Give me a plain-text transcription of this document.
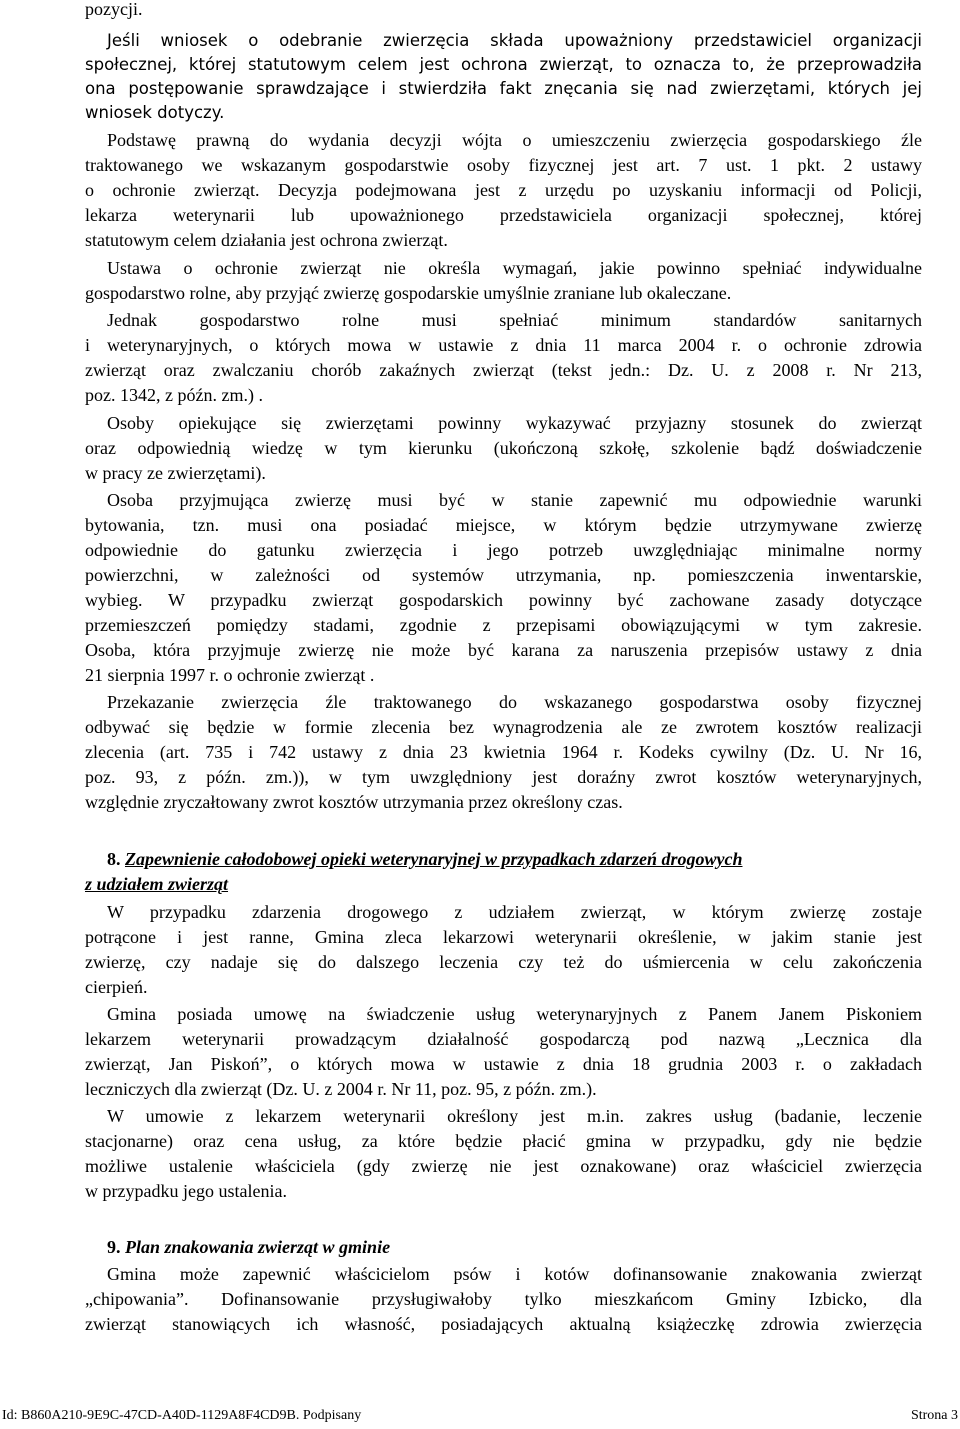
pozycji.
Jeśli wniosek o odebranie zwierzęcia składa upoważniony przedstawiciel organizacji
społecznej, której statutowym celem jest ochrona zwierząt, to oznacza to, że przeprowadziła
ona postępowanie sprawdzające i stwierdziła fakt znęcania się nad zwierzętami, których jej
wniosek dotyczy.
Podstawę prawną do wydania decyzji wójta o umieszczeniu zwierzęcia gospodarskiego źle
traktowanego we wskazanym gospodarstwie osoby fizycznej jest art. 7 ust. 1 pkt. 2 ustawy
o ochronie zwierząt. Decyzja podejmowana jest z urzędu po uzyskaniu informacji od Policji,
lekarza weterynarii lub upoważnionego przedstawiciela organizacji społecznej, której
statutowym celem działania jest ochrona zwierząt.
Ustawa o ochronie zwierząt nie określa wymagań, jakie powinno spełniać indywidualne
gospodarstwo rolne, aby przyjąć zwierzę gospodarskie umyślnie zraniane lub okaleczane.
Jednak gospodarstwo rolne musi spełniać minimum standardów sanitarnych
i weterynaryjnych, o których mowa w ustawie z dnia 11 marca 2004 r. o ochronie zdrowia
zwierząt oraz zwalczaniu chorób zakaźnych zwierząt (tekst jedn.: Dz. U. z 2008 r. Nr 213,
poz. 1342, z późn. zm.) .
Osoby opiekujące się zwierzętami powinny wykazywać przyjazny stosunek do zwierząt
oraz odpowiednią wiedzę w tym kierunku (ukończoną szkołę, szkolenie bądź doświadczenie
w pracy ze zwierzętami).
Osoba przyjmująca zwierzę musi być w stanie zapewnić mu odpowiednie warunki
bytowania, tzn. musi ona posiadać miejsce, w którym będzie utrzymywane zwierzę
odpowiednie do gatunku zwierzęcia i jego potrzeb uwzględniając minimalne normy
powierzchni, w zależności od systemów utrzymania, np. pomieszczenia inwentarskie,
wybieg. W przypadku zwierząt gospodarskich powinny być zachowane zasady dotyczące
przemieszczeń pomiędzy stadami, zgodnie z przepisami obowiązującymi w tym zakresie.
Osoba, która przyjmuje zwierzę nie może być karana za naruszenia przepisów ustawy z dnia
21 sierpnia 1997 r. o ochronie zwierząt .
Przekazanie zwierzęcia źle traktowanego do wskazanego gospodarstwa osoby fizycznej
odbywać się będzie w formie zlecenia bez wynagrodzenia ale ze zwrotem kosztów realizacji
zlecenia (art. 735 i 742 ustawy z dnia 23 kwietnia 1964 r. Kodeks cywilny (Dz. U. Nr 16,
poz. 93, z późn. zm.)), w tym uwzględniony jest doraźny zwrot kosztów weterynaryjnych,
względnie zryczałtowany zwrot kosztów utrzymania przez określony czas.
8. Zapewnienie całodobowej opieki weterynaryjnej w przypadkach zdarzeń drogowych
z udziałem zwierząt
W przypadku zdarzenia drogowego z udziałem zwierząt, w którym zwierzę zostaje
potrącone i jest ranne, Gmina zleca lekarzowi weterynarii określenie, w jakim stanie jest
zwierzę, czy nadaje się do dalszego leczenia czy też do uśmiercenia w celu zakończenia
cierpień.
Gmina posiada umowę na świadczenie usług weterynaryjnych z Panem Janem Piskoniem
lekarzem weterynarii prowadzącym działalność gospodarczą pod nazwą „Lecznica dla
zwierząt, Jan Piskoń”, o których mowa w ustawie z dnia 18 grudnia 2003 r. o zakładach
leczniczych dla zwierząt (Dz. U. z 2004 r. Nr 11, poz. 95, z późn. zm.).
W umowie z lekarzem weterynarii określony jest m.in. zakres usług (badanie, leczenie
stacjonarne) oraz cena usług, za które będzie płacić gmina w przypadku, gdy nie będzie
możliwe ustalenie właściciela (gdy zwierzę nie jest oznakowane) oraz właściciel zwierzęcia
w przypadku jego ustalenia.
9. Plan znakowania zwierząt w gminie
Gmina może zapewnić właścicielom psów i kotów dofinansowanie znakowania zwierząt
„chipowania”. Dofinansowanie przysługiwałoby tylko mieszkańcom Gminy Izbicko, dla
zwierząt stanowiących ich własność, posiadających aktualną książeczkę zdrowia zwierzęcia
Id: B860A210-9E9C-47CD-A40D-1129A8F4CD9B. Podpisany	Strona 3
